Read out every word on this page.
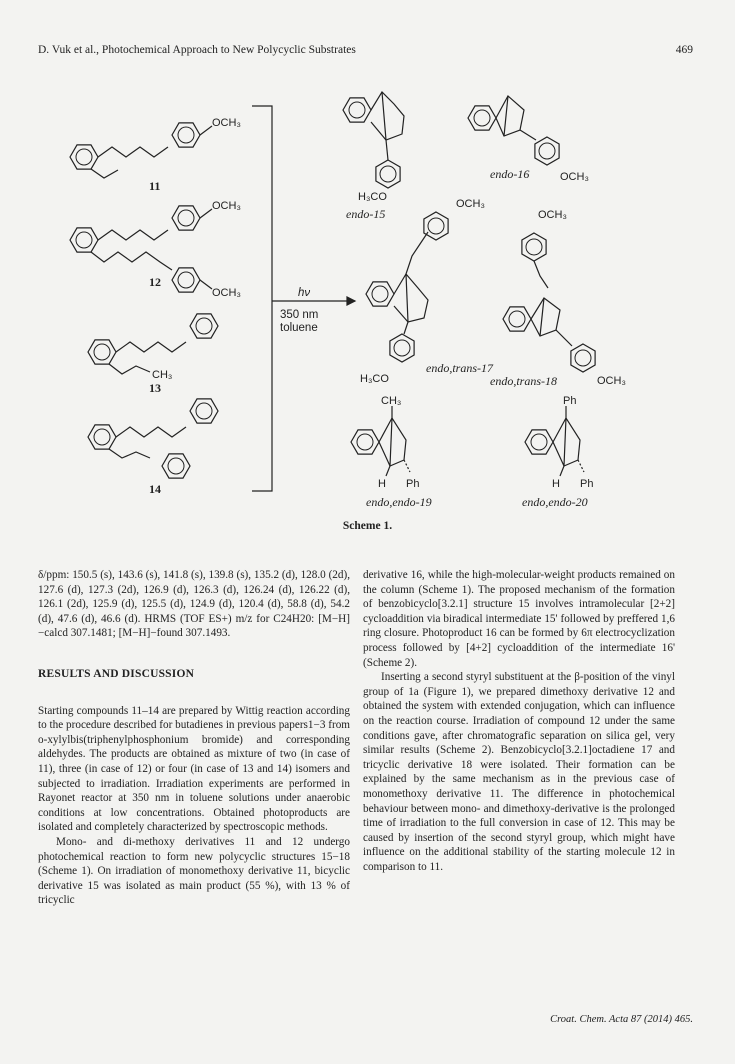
D. Vuk et al., Photochemical Approach to New Polycyclic Substrates	469
OCH₃
OCH₃
OCH₃
CH₃
H₃CO
OCH₃
OCH₃
H₃CO
OCH₃
OCH₃
CH₃	Ph
H Ph	H Ph
hν
350 nm
toluene
11
12
13
14
endo-15
endo-16
endo,trans-17
endo,trans-18
endo,endo-19	endo,endo-20
Scheme 1.

δ/ppm: 150.5 (s), 143.6 (s), 141.8 (s), 139.8 (s), 135.2 (d), 128.0 (2d), 127.6 (d), 127.3 (2d), 126.9 (d), 126.3 (d), 126.24 (d), 126.22 (d), 126.1 (2d), 125.9 (d), 125.5 (d), 124.9 (d), 120.4 (d), 58.8 (d), 54.2 (d), 47.6 (d), 46.6 (d). HRMS (TOF ES+) m/z for C24H20: [M−H]−calcd 307.1481; [M−H]−found 307.1493.

RESULTS AND DISCUSSION

Starting compounds 11–14 are prepared by Wittig reaction according to the procedure described for butadienes in previous papers1−3 from o-xylylbis(triphenylphosphonium bromide) and corresponding aldehydes. The products are obtained as mixture of two (in case of 11), three (in case of 12) or four (in case of 13 and 14) isomers and subjected to irradiation. Irradiation experiments are performed in Rayonet reactor at 350 nm in toluene solutions under anaerobic conditions at low concentrations. Obtained photoproducts are isolated and completely characterized by spectroscopic methods.

Mono- and di-methoxy derivatives 11 and 12 undergo photochemical reaction to form new polycyclic structures 15−18 (Scheme 1). On irradiation of monomethoxy derivative 11, bicyclic derivative 15 was isolated as main product (55 %), with 13 % of tricyclic

derivative 16, while the high-molecular-weight products remained on the column (Scheme 1). The proposed mechanism of the formation of benzobicyclo[3.2.1] structure 15 involves intramolecular [2+2] cycloaddition via biradical intermediate 15' followed by preffered 1,6 ring closure. Photoproduct 16 can be formed by 6π electrocyclization process followed by [4+2] cycloaddition of the intermediate 16' (Scheme 2).

Inserting a second styryl substituent at the β-position of the vinyl group of 1a (Figure 1), we prepared dimethoxy derivative 12 and obtained the system with extended conjugation, which can influence on the reaction course. Irradiation of compound 12 under the same conditions gave, after chromatografic separation on silica gel, very similar results (Scheme 2). Benzobicyclo[3.2.1]octadiene 17 and tricyclic derivative 18 were isolated. Their formation can be explained by the same mechanism as in the previous case of monomethoxy derivative 11. The difference in photochemical behaviour between mono- and dimethoxy-derivative is the prolonged time of irradiation to the full conversion in case of 12. This may be caused by insertion of the second styryl group, which might have influence on the additional stability of the starting molecule 12 in comparison to 11.

Croat. Chem. Acta 87 (2014) 465.
